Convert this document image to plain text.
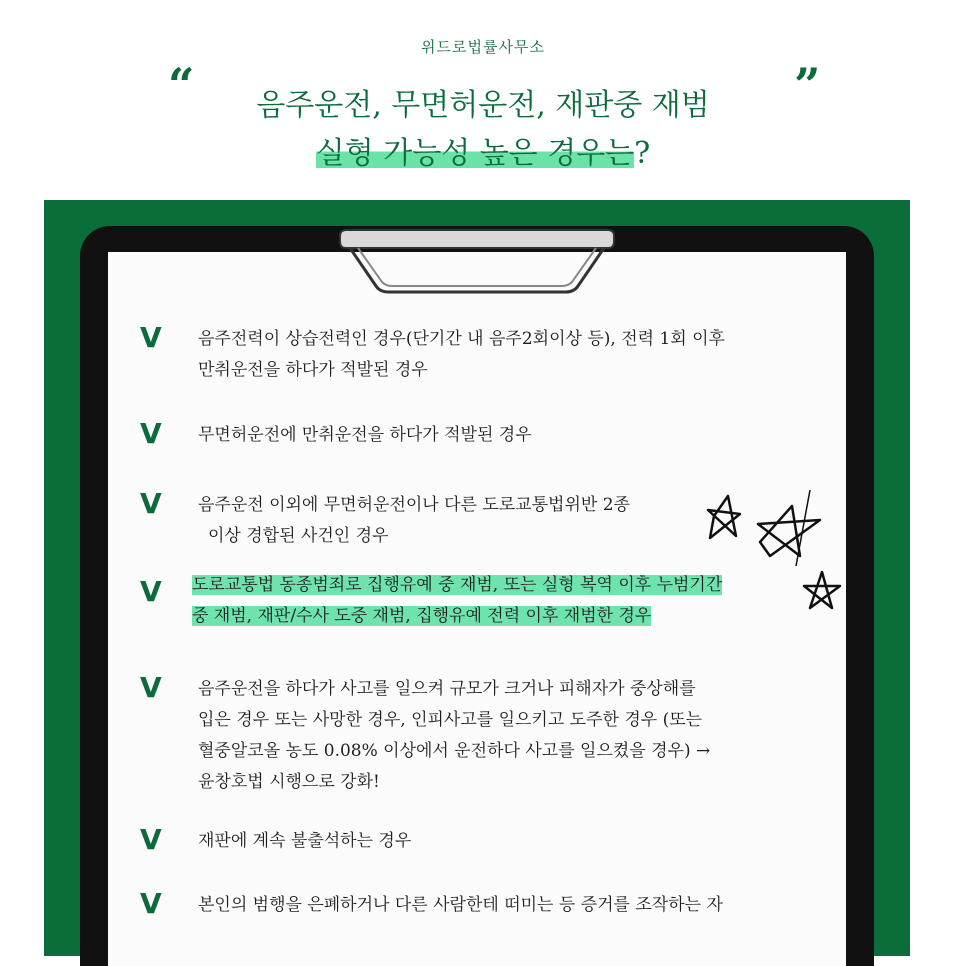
위드로법률사무소
“	”
음주운전, 무면허운전, 재판중 재범
실형 가능성 높은 경우는?
V 음주전력이 상습전력인 경우(단기간 내 음주2회이상 등), 전력 1회 이후
만취운전을 하다가 적발된 경우
V 무면허운전에 만취운전을 하다가 적발된 경우
V 음주운전 이외에 무면허운전이나 다른 도로교통법위반 2종
이상 경합된 사건인 경우
V 도로교통법 동종범죄로 집행유예 중 재범, 또는 실형 복역 이후 누범기간
중 재범, 재판/수사 도중 재범, 집행유예 전력 이후 재범한 경우
V 음주운전을 하다가 사고를 일으켜 규모가 크거나 피해자가 중상해를
입은 경우 또는 사망한 경우, 인피사고를 일으키고 도주한 경우 (또는
혈중알코올 농도 0.08% 이상에서 운전하다 사고를 일으켰을 경우) →
윤창호법 시행으로 강화!
V 재판에 계속 불출석하는 경우
V 본인의 범행을 은폐하거나 다른 사람한테 떠미는 등 증거를 조작하는 자
